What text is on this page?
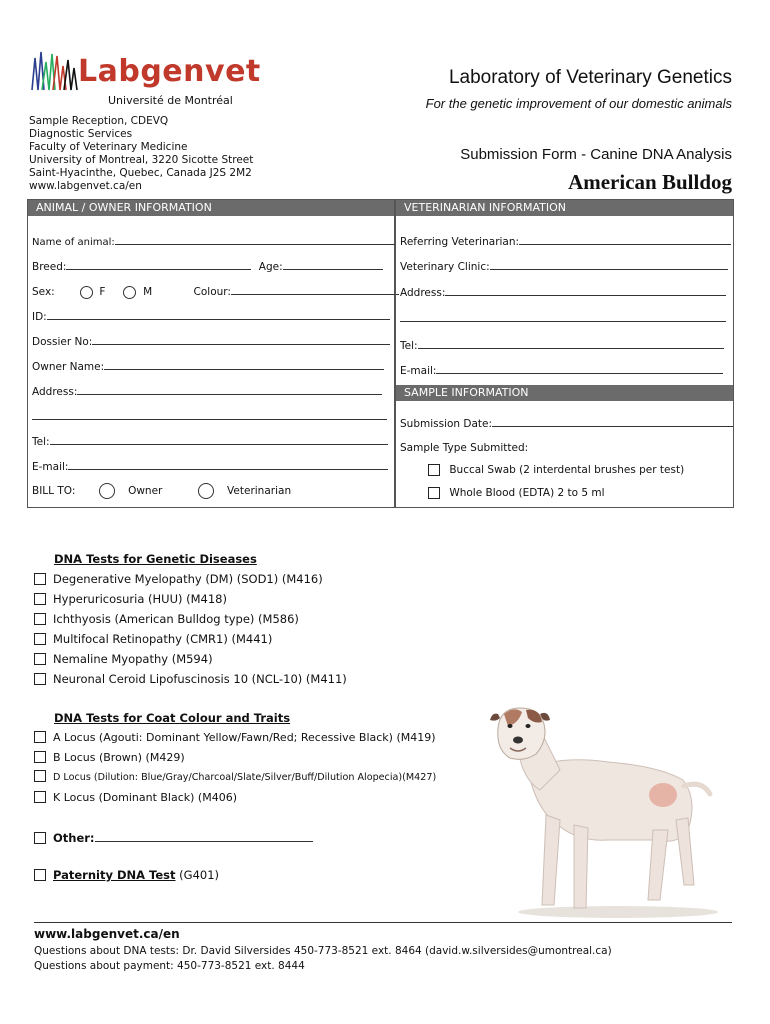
Labgenvet
Université de Montréal
Laboratory of Veterinary Genetics
For the genetic improvement of our domestic animals
Sample Reception, CDEVQ
Diagnostic Services
Faculty of Veterinary Medicine
University of Montreal, 3220 Sicotte Street
Saint-Hyacinthe, Quebec, Canada J2S 2M2
www.labgenvet.ca/en
Submission Form - Canine DNA Analysis
American Bulldog
ANIMAL / OWNER INFORMATION
Name of animal:
Breed:	Age:
Sex:	F	M	Colour:
ID:
Dossier No:
Owner Name:
Address:
Tel:
E-mail:
BILL TO:	Owner	Veterinarian
VETERINARIAN INFORMATION
Referring Veterinarian:
Veterinary Clinic:
Address:
Tel:
E-mail:
SAMPLE INFORMATION
Submission Date:
Sample Type Submitted:
Buccal Swab (2 interdental brushes per test)
Whole Blood (EDTA) 2 to 5 ml
DNA Tests for Genetic Diseases
Degenerative Myelopathy (DM) (SOD1) (M416)
Hyperuricosuria (HUU) (M418)
Ichthyosis (American Bulldog type) (M586)
Multifocal Retinopathy (CMR1) (M441)
Nemaline Myopathy (M594)
Neuronal Ceroid Lipofuscinosis 10 (NCL-10) (M411)
DNA Tests for Coat Colour and Traits
A Locus (Agouti: Dominant Yellow/Fawn/Red; Recessive Black) (M419)
B Locus (Brown) (M429)
D Locus (Dilution: Blue/Gray/Charcoal/Slate/Silver/Buff/Dilution Alopecia)(M427)
K Locus (Dominant Black) (M406)
Other:
Paternity DNA Test (G401)
www.labgenvet.ca/en
Questions about DNA tests: Dr. David Silversides 450-773-8521 ext. 8464 (david.w.silversides@umontreal.ca)
Questions about payment: 450-773-8521 ext. 8444
